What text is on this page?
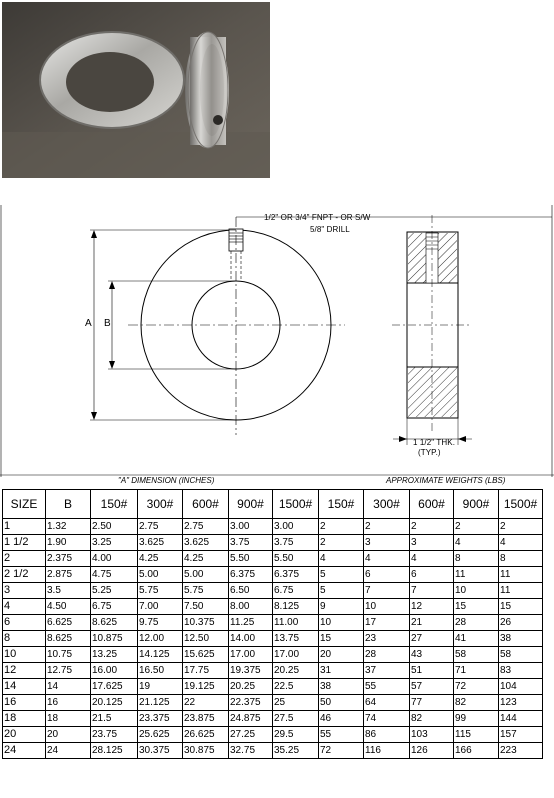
1/2" OR 3/4" FNPT - OR S/W
5/8" DRILL
A B
1 1/2" THK.
(TYP.)
"A" DIMENSION (INCHES)	APPROXIMATE WEIGHTS (LBS)
SIZE	B	150#	300#	600#	900#	1500#	150#	300#	600#	900#	1500#
1	1.32	2.50	2.75	2.75	3.00	3.00	2	2	2	2	2
1 1/2	1.90	3.25	3.625	3.625	3.75	3.75	2	3	3	4	4
2	2.375	4.00	4.25	4.25	5.50	5.50	4	4	4	8	8
2 1/2	2.875	4.75	5.00	5.00	6.375	6.375	5	6	6	11	11
3	3.5	5.25	5.75	5.75	6.50	6.75	5	7	7	10	11
4	4.50	6.75	7.00	7.50	8.00	8.125	9	10	12	15	15
6	6.625	8.625	9.75	10.375	11.25	11.00	10	17	21	28	26
8	8.625	10.875	12.00	12.50	14.00	13.75	15	23	27	41	38
10	10.75	13.25	14.125	15.625	17.00	17.00	20	28	43	58	58
12	12.75	16.00	16.50	17.75	19.375	20.25	31	37	51	71	83
14	14	17.625	19	19.125	20.25	22.5	38	55	57	72	104
16	16	20.125	21.125	22	22.375	25	50	64	77	82	123
18	18	21.5	23.375	23.875	24.875	27.5	46	74	82	99	144
20	20	23.75	25.625	26.625	27.25	29.5	55	86	103	115	157
24	24	28.125	30.375	30.875	32.75	35.25	72	116	126	166	223
